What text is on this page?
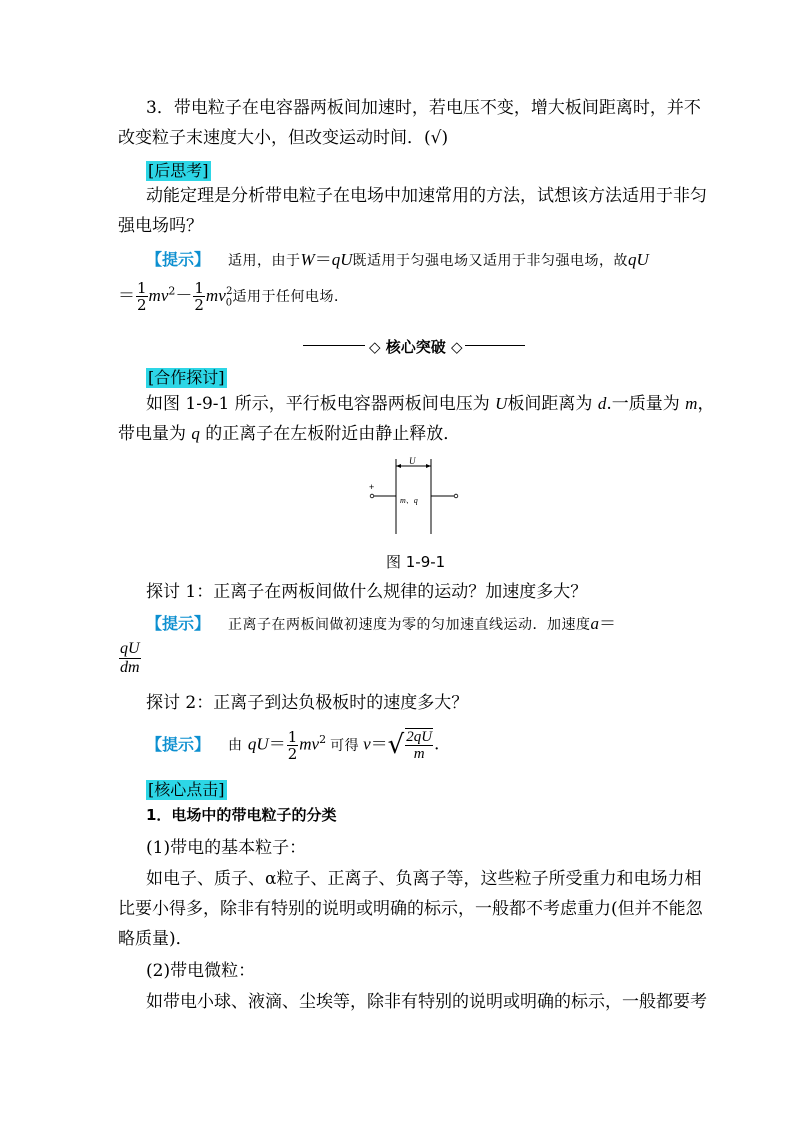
3．带电粒子在电容器两板间加速时，若电压不变，增大板间距离时，并不
改变粒子末速度大小，但改变运动时间．(√)
[后思考]
动能定理是分析带电粒子在电场中加速常用的方法，试想该方法适用于非匀
强电场吗？
【提示】 适用，由于W＝qU既适用于匀强电场又适用于非匀强电场，故qU
＝ $\frac{1}{2} mv^2- \frac{1}{2} mv_0^2$适用于任何电场．
◇ 核心突破 ◇
[合作探讨]
如图 1-9-1 所示，平行板电容器两板间电压为 U板间距离为 d.一质量为 m，
带电量为 q 的正离子在左板附近由静止释放．
U
+
m、q
图 1-9-1
探讨 1：正离子在两板间做什么规律的运动？加速度多大？
【提示】 正离子在两板间做初速度为零的匀加速直线运动．加速度a＝
$\frac{qU}{dm}$
探讨 2：正离子到达负极板时的速度多大？
【提示】 由 $qU= \frac{1}{2} mv^2$ 可得 $v=√ \frac{2qU}{m}$ .
[核心点击]
1．电场中的带电粒子的分类
(1)带电的基本粒子：
如电子、质子、α粒子、正离子、负离子等，这些粒子所受重力和电场力相
比要小得多，除非有特别的说明或明确的标示，一般都不考虑重力(但并不能忽
略质量)．
(2)带电微粒：
如带电小球、液滴、尘埃等，除非有特别的说明或明确的标示，一般都要考
